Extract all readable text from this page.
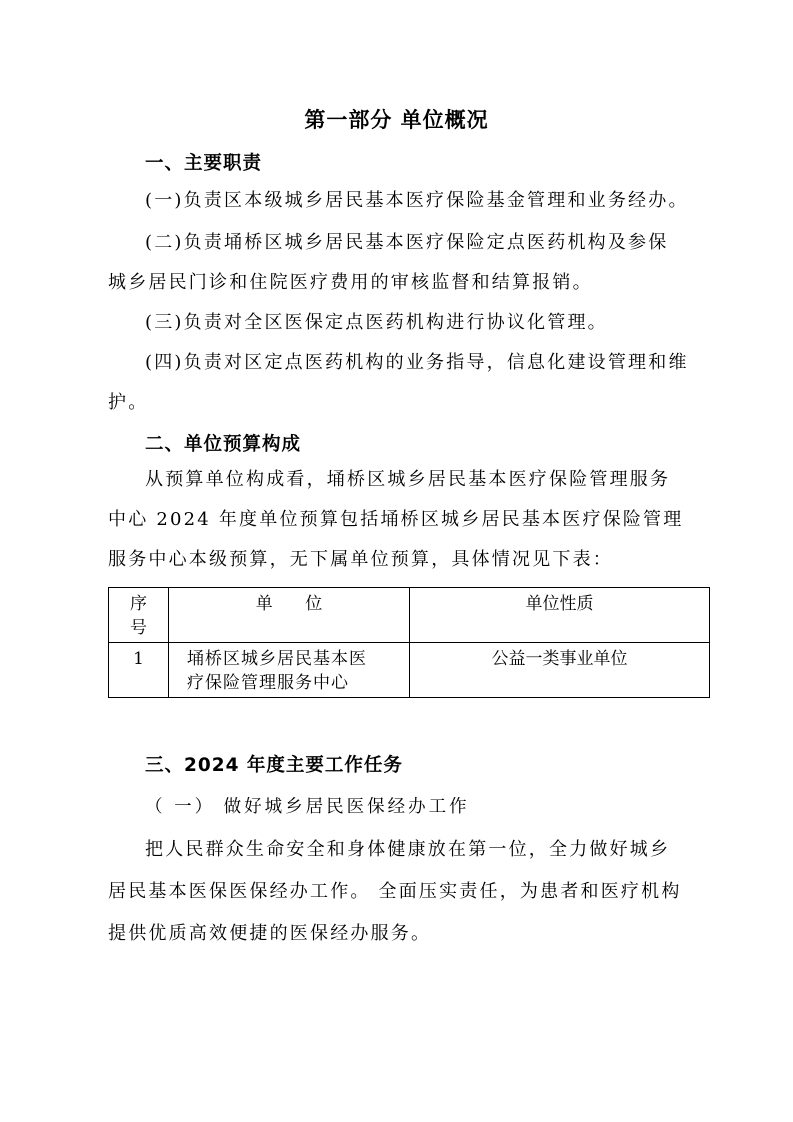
第一部分 单位概况
一、主要职责
(一)负责区本级城乡居民基本医疗保险基金管理和业务经办。
(二)负责埇桥区城乡居民基本医疗保险定点医药机构及参保
城乡居民门诊和住院医疗费用的审核监督和结算报销。
(三)负责对全区医保定点医药机构进行协议化管理。
(四)负责对区定点医药机构的业务指导，信息化建设管理和维
护。
二、单位预算构成
从预算单位构成看，埇桥区城乡居民基本医疗保险管理服务
中心 2024 年度单位预算包括埇桥区城乡居民基本医疗保险管理
服务中心本级预算，无下属单位预算，具体情况见下表：
序
号	单      位	单位性质
1	埇桥区城乡居民基本医
疗保险管理服务中心	公益一类事业单位
三、2024 年度主要工作任务
（ 一） 做好城乡居民医保经办工作
把人民群众生命安全和身体健康放在第一位，全力做好城乡
居民基本医保医保经办工作。 全面压实责任，为患者和医疗机构
提供优质高效便捷的医保经办服务。
